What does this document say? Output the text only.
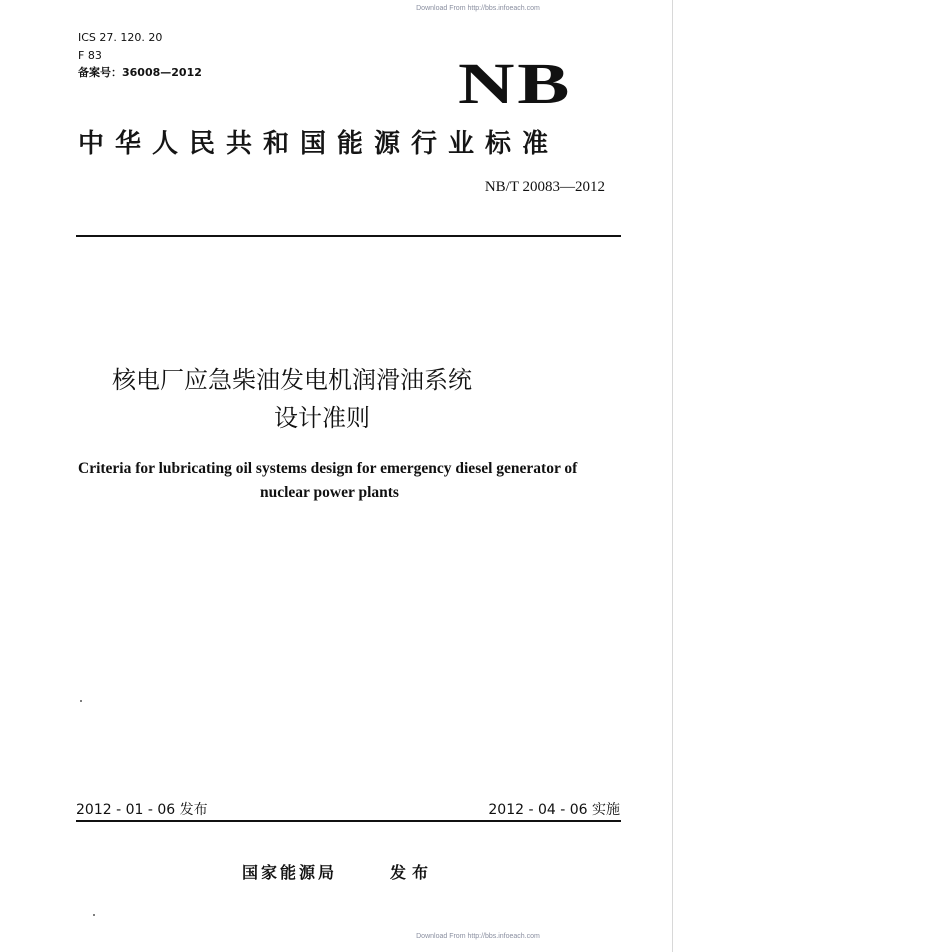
ICS 27. 120. 20
F 83
备案号：36008—2012	NB
中华人民共和国能源行业标准
NB/T 20083—2012
核电厂应急柴油发电机润滑油系统
设计准则
Criteria for lubricating oil systems design for emergency diesel generator of
nuclear power plants
2012 - 01 - 06 发布	2012 - 04 - 06 实施
国家能源局	发布
Download From http://bbs.infoeach.com
Download From http://bbs.infoeach.com
